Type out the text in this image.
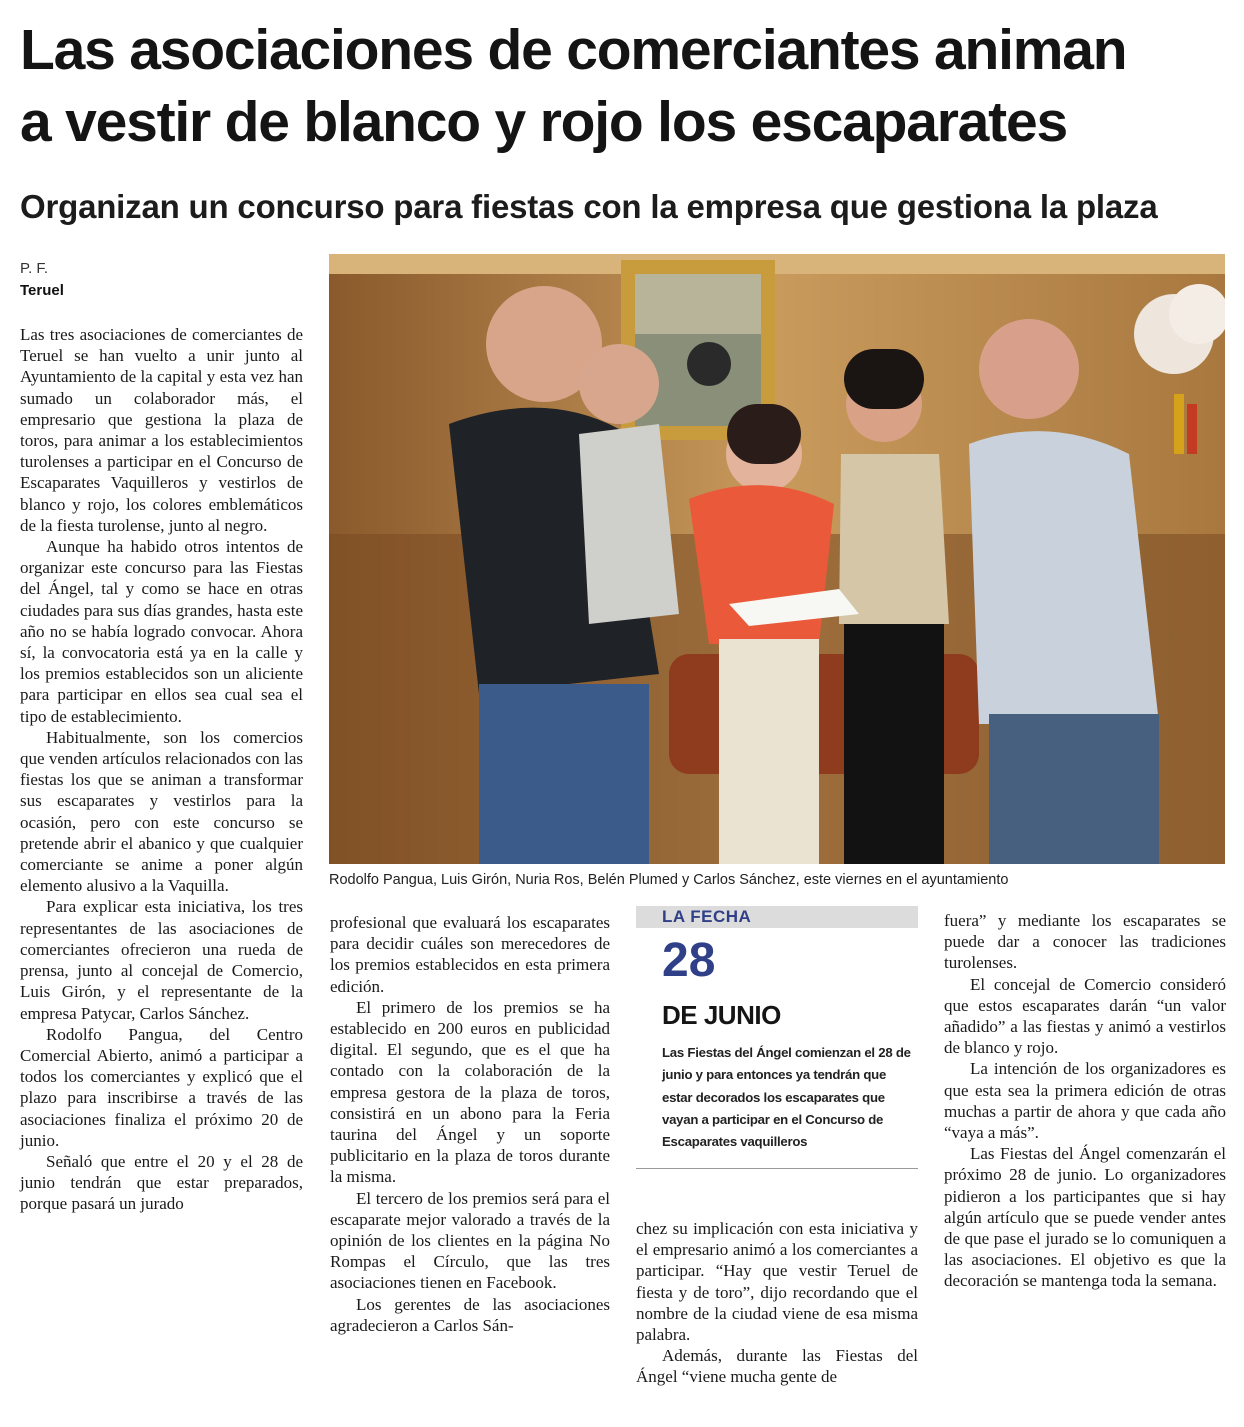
Las asociaciones de comerciantes animan
a vestir de blanco y rojo los escaparates
Organizan un concurso para fiestas con la empresa que gestiona la plaza
P. F.
Teruel

Las tres asociaciones de comerciantes de Teruel se han vuelto a unir junto al Ayuntamiento de la capital y esta vez han sumado un colaborador más, el empresario que gestiona la plaza de toros, para animar a los establecimientos turolenses a participar en el Concurso de Escaparates Vaquilleros y vestirlos de blanco y rojo, los colores emblemáticos de la fiesta turolense, junto al negro.

Aunque ha habido otros intentos de organizar este concurso para las Fiestas del Ángel, tal y como se hace en otras ciudades para sus días grandes, hasta este año no se había logrado convocar. Ahora sí, la convocatoria está ya en la calle y los premios establecidos son un aliciente para participar en ellos sea cual sea el tipo de establecimiento.

Habitualmente, son los comercios que venden artículos relacionados con las fiestas los que se animan a transformar sus escaparates y vestirlos para la ocasión, pero con este concurso se pretende abrir el abanico y que cualquier comerciante se anime a poner algún elemento alusivo a la Vaquilla.

Para explicar esta iniciativa, los tres representantes de las asociaciones de comerciantes ofrecieron una rueda de prensa, junto al concejal de Comercio, Luis Girón, y el representante de la empresa Patycar, Carlos Sánchez.

Rodolfo Pangua, del Centro Comercial Abierto, animó a participar a todos los comerciantes y explicó que el plazo para inscribirse a través de las asociaciones finaliza el próximo 20 de junio.

Señaló que entre el 20 y el 28 de junio tendrán que estar preparados, porque pasará un jurado

Rodolfo Pangua, Luis Girón, Nuria Ros, Belén Plumed y Carlos Sánchez, este viernes en el ayuntamiento

profesional que evaluará los escaparates para decidir cuáles son merecedores de los premios establecidos en esta primera edición.

El primero de los premios se ha establecido en 200 euros en publicidad digital. El segundo, que es el que ha contado con la colaboración de la empresa gestora de la plaza de toros, consistirá en un abono para la Feria taurina del Ángel y un soporte publicitario en la plaza de toros durante la misma.

El tercero de los premios será para el escaparate mejor valorado a través de la opinión de los clientes en la página No Rompas el Círculo, que las tres asociaciones tienen en Facebook.

Los gerentes de las asociaciones agradecieron a Carlos Sán-

LA FECHA
28
DE JUNIO
Las Fiestas del Ángel comienzan el 28 de junio y para entonces ya tendrán que estar decorados los escaparates que vayan a participar en el Concurso de Escaparates vaquilleros

chez su implicación con esta iniciativa y el empresario animó a los comerciantes a participar. “Hay que vestir Teruel de fiesta y de toro”, dijo recordando que el nombre de la ciudad viene de esa misma palabra.

Además, durante las Fiestas del Ángel “viene mucha gente de

fuera” y mediante los escaparates se puede dar a conocer las tradiciones turolenses.

El concejal de Comercio consideró que estos escaparates darán “un valor añadido” a las fiestas y animó a vestirlos de blanco y rojo.

La intención de los organizadores es que esta sea la primera edición de otras muchas a partir de ahora y que cada año “vaya a más”.

Las Fiestas del Ángel comenzarán el próximo 28 de junio. Lo organizadores pidieron a los participantes que si hay algún artículo que se puede vender antes de que pase el jurado se lo comuniquen a las asociaciones. El objetivo es que la decoración se mantenga toda la semana.
